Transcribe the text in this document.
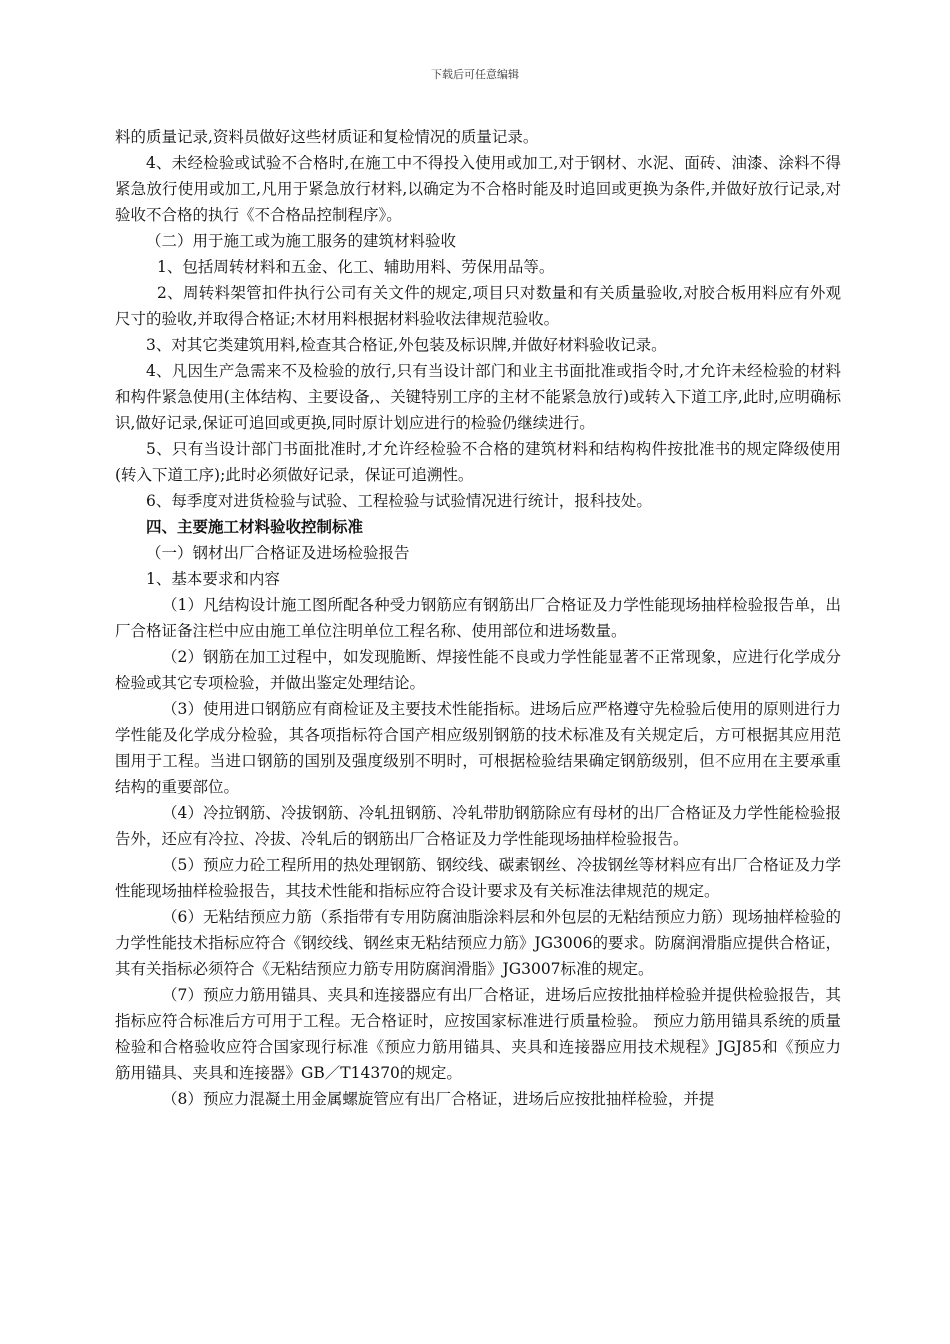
下载后可任意编辑

料的质量记录,资料员做好这些材质证和复检情况的质量记录。

4、未经检验或试验不合格时,在施工中不得投入使用或加工,对于钢材、水泥、面砖、油漆、涂料不得紧急放行使用或加工,凡用于紧急放行材料,以确定为不合格时能及时追回或更换为条件,并做好放行记录,对验收不合格的执行《不合格品控制程序》。

（二）用于施工或为施工服务的建筑材料验收

1、包括周转材料和五金、化工、辅助用料、劳保用品等。

2、周转料架管扣件执行公司有关文件的规定,项目只对数量和有关质量验收,对胶合板用料应有外观尺寸的验收,并取得合格证;木材用料根据材料验收法律规范验收。

3、对其它类建筑用料,检查其合格证,外包装及标识牌,并做好材料验收记录。

4、凡因生产急需来不及检验的放行,只有当设计部门和业主书面批准或指令时,才允许未经检验的材料和构件紧急使用(主体结构、主要设备,、关键特别工序的主材不能紧急放行)或转入下道工序,此时,应明确标识,做好记录,保证可追回或更换,同时原计划应进行的检验仍继续进行。

5、只有当设计部门书面批准时,才允许经检验不合格的建筑材料和结构构件按批准书的规定降级使用(转入下道工序);此时必须做好记录，保证可追溯性。

6、每季度对进货检验与试验、工程检验与试验情况进行统计，报科技处。

四、主要施工材料验收控制标准

（一）钢材出厂合格证及进场检验报告

1、基本要求和内容

（1）凡结构设计施工图所配各种受力钢筋应有钢筋出厂合格证及力学性能现场抽样检验报告单，出厂合格证备注栏中应由施工单位注明单位工程名称、使用部位和进场数量。

（2）钢筋在加工过程中，如发现脆断、焊接性能不良或力学性能显著不正常现象，应进行化学成分检验或其它专项检验，并做出鉴定处理结论。

（3）使用进口钢筋应有商检证及主要技术性能指标。进场后应严格遵守先检验后使用的原则进行力学性能及化学成分检验，其各项指标符合国产相应级别钢筋的技术标准及有关规定后，方可根据其应用范围用于工程。当进口钢筋的国别及强度级别不明时，可根据检验结果确定钢筋级别，但不应用在主要承重结构的重要部位。

（4）冷拉钢筋、冷拔钢筋、冷轧扭钢筋、冷轧带肋钢筋除应有母材的出厂合格证及力学性能检验报告外，还应有冷拉、冷拔、冷轧后的钢筋出厂合格证及力学性能现场抽样检验报告。

（5）预应力砼工程所用的热处理钢筋、钢绞线、碳素钢丝、冷拔钢丝等材料应有出厂合格证及力学性能现场抽样检验报告，其技术性能和指标应符合设计要求及有关标准法律规范的规定。

（6）无粘结预应力筋（系指带有专用防腐油脂涂料层和外包层的无粘结预应力筋）现场抽样检验的力学性能技术指标应符合《钢绞线、钢丝束无粘结预应力筋》JG3006的要求。防腐润滑脂应提供合格证，其有关指标必须符合《无粘结预应力筋专用防腐润滑脂》JG3007标准的规定。

（7）预应力筋用锚具、夹具和连接器应有出厂合格证，进场后应按批抽样检验并提供检验报告，其指标应符合标准后方可用于工程。无合格证时，应按国家标准进行质量检验。 预应力筋用锚具系统的质量检验和合格验收应符合国家现行标准《预应力筋用锚具、夹具和连接器应用技术规程》JGJ85和《预应力筋用锚具、夹具和连接器》GB／T14370的规定。

（8）预应力混凝土用金属螺旋管应有出厂合格证，进场后应按批抽样检验，并提
